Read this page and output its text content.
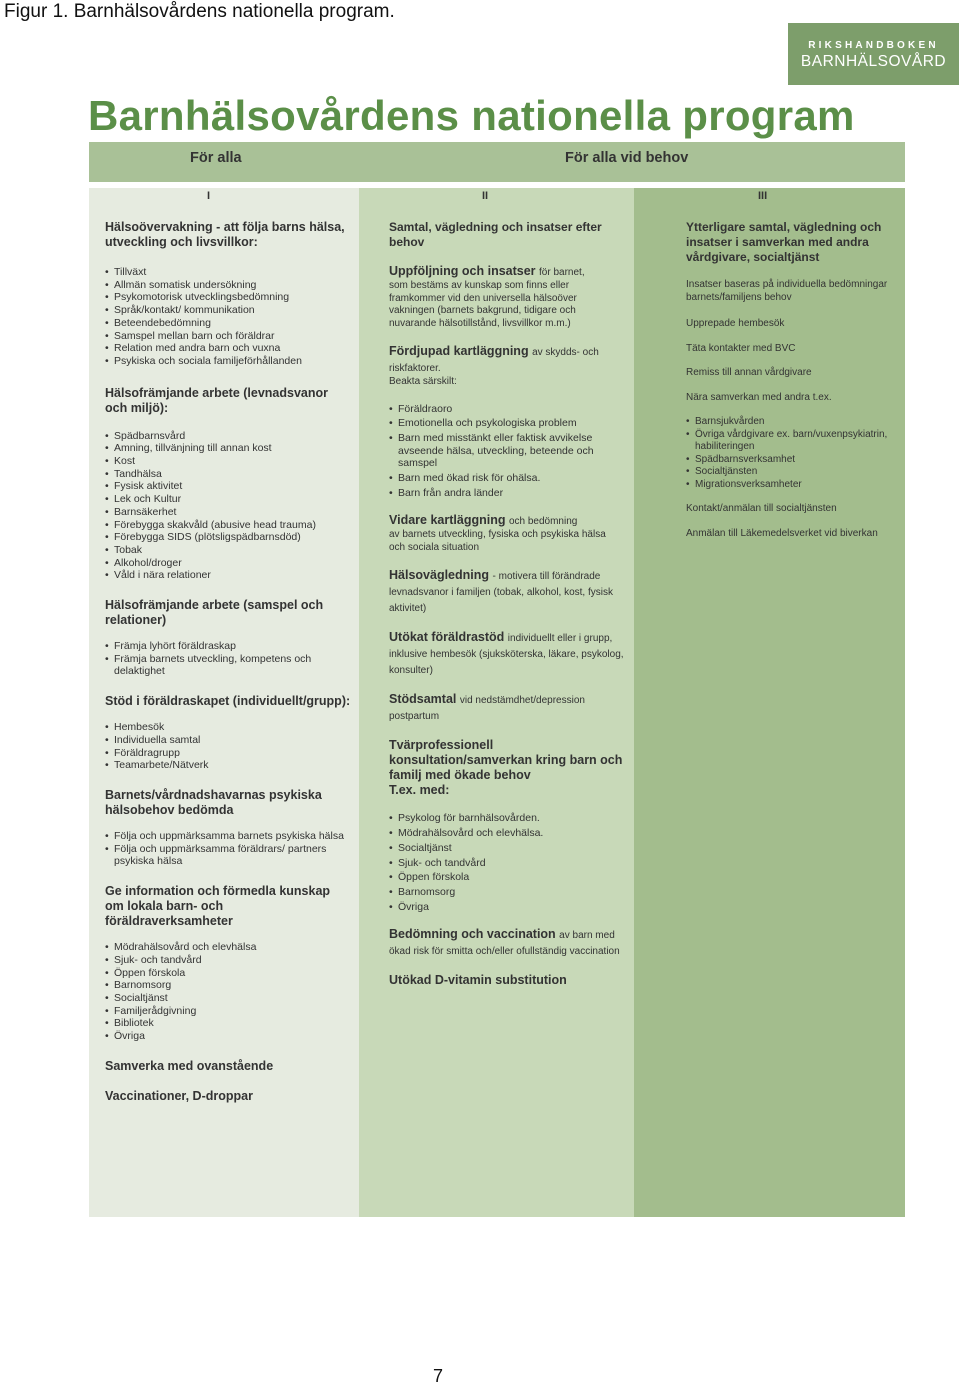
Figur 1. Barnhälsovårdens nationella program.
RIKSHANDBOKEN
BARNHÄLSOVÅRD
Barnhälsovårdens nationella program
För alla	För alla vid behov
I

Hälsoövervakning - att följa barns hälsa, utveckling och livsvillkor:

• Tillväxt
• Allmän somatisk undersökning
• Psykomotorisk utvecklingsbedömning
• Språk/kontakt/ kommunikation
• Beteendebedömning
• Samspel mellan barn och föräldrar
• Relation med andra barn och vuxna
• Psykiska och sociala familjeförhållanden

Hälsofrämjande arbete (levnadsvanor och miljö):

• Spädbarnsvård
• Amning, tillvänjning till annan kost
• Kost
• Tandhälsa
• Fysisk aktivitet
• Lek och Kultur
• Barnsäkerhet
• Förebygga skakvåld (abusive head trauma)
• Förebygga SIDS (plötsligspädbarnsdöd)
• Tobak
• Alkohol/droger
• Våld i nära relationer

Hälsofrämjande arbete (samspel och relationer)

• Främja lyhört föräldraskap
• Främja barnets utveckling, kompetens och delaktighet

Stöd i föräldraskapet (individuellt/grupp):

• Hembesök
• Individuella samtal
• Föräldragrupp
• Teamarbete/Nätverk

Barnets/vårdnadshavarnas psykiska hälsobehov bedömda

• Följa och uppmärksamma barnets psykiska hälsa
• Följa och uppmärksamma föräldrars/ partners psykiska hälsa

Ge information och förmedla kunskap om lokala barn- och föräldraverksamheter

• Mödrahälsovård och elevhälsa
• Sjuk- och tandvård
• Öppen förskola
• Barnomsorg
• Socialtjänst
• Familjerådgivning
• Bibliotek
• Övriga

Samverka med ovanstående

Vaccinationer, D-droppar

II

Samtal, vägledning och insatser efter behov

Uppföljning och insatser för barnet,

som bestäms av kunskap som finns eller framkommer vid den universella hälsoöver vakningen (barnets bakgrund, tidigare och nuvarande hälsotillstånd, livsvillkor m.m.)

Fördjupad kartläggning av skydds- och riskfaktorer.

Beakta särskilt:

• Föräldraoro
• Emotionella och psykologiska problem
• Barn med misstänkt eller faktisk avvikelse avseende hälsa, utveckling, beteende och samspel
• Barn med ökad risk för ohälsa.
• Barn från andra länder

Vidare kartläggning och bedömning

av barnets utveckling, fysiska och psykiska hälsa och sociala situation

Hälsovägledning - motivera till förändrade levnadsvanor i familjen (tobak, alkohol, kost, fysisk aktivitet)

Utökat föräldrastöd individuellt eller i grupp, inklusive hembesök (sjuksköterska, läkare, psykolog, konsulter)

Stödsamtal vid nedstämdhet/depression postpartum

Tvärprofessionell konsultation/samverkan kring barn och familj med ökade behov

T.ex. med:

• Psykolog för barnhälsovården.
• Mödrahälsovård och elevhälsa.
• Socialtjänst
• Sjuk- och tandvård
• Öppen förskola
• Barnomsorg
• Övriga

Bedömning och vaccination av barn med ökad risk för smitta och/eller ofullständig vaccination

Utökad D-vitamin substitution

III

Ytterligare samtal, vägledning och insatser i samverkan med andra vårdgivare, socialtjänst

Insatser baseras på individuella bedömningar barnets/familjens behov

Upprepade hembesök

Täta kontakter med BVC

Remiss till annan vårdgivare

Nära samverkan med andra t.ex.

• Barnsjukvården
• Övriga vårdgivare ex. barn/vuxenpsykiatrin, habiliteringen
• Spädbarnsverksamhet
• Socialtjänsten
• Migrationsverksamheter

Kontakt/anmälan till socialtjänsten

Anmälan till Läkemedelsverket vid biverkan

7
